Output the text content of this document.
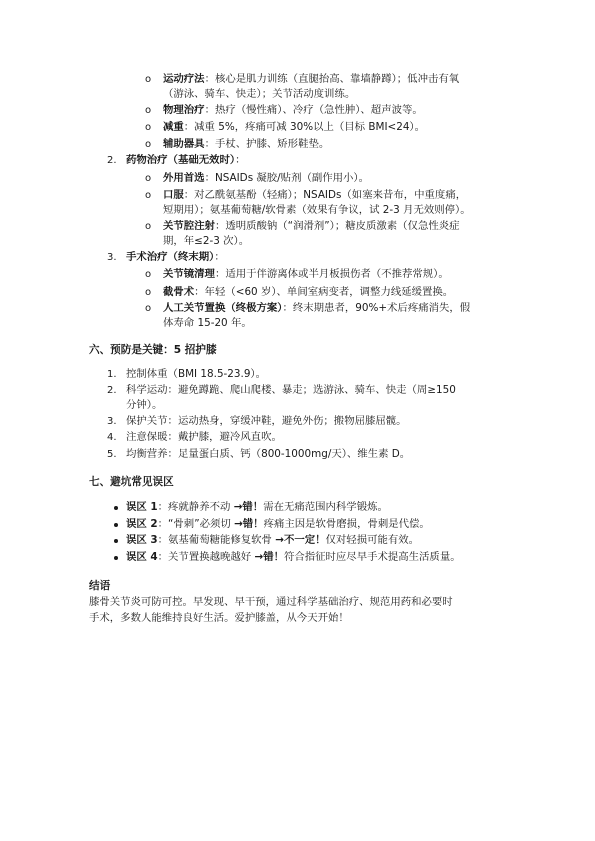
o 运动疗法：核心是肌力训练（直腿抬高、靠墙静蹲）；低冲击有氧
（游泳、骑车、快走）；关节活动度训练。
o 物理治疗：热疗（慢性痛）、冷疗（急性肿）、超声波等。
o 减重：减重 5%，疼痛可减 30%以上（目标 BMI<24）。
o 辅助器具：手杖、护膝、矫形鞋垫。
2. 药物治疗（基础无效时）：
o 外用首选：NSAIDs 凝胶/贴剂（副作用小）。
o 口服：对乙酰氨基酚（轻痛）；NSAIDs（如塞来昔布，中重度痛，
短期用）；氨基葡萄糖/软骨素（效果有争议，试 2-3 月无效则停）。
o 关节腔注射：透明质酸钠（“润滑剂”）；糖皮质激素（仅急性炎症
期，年≤2-3 次）。
3. 手术治疗（终末期）：
o 关节镜清理：适用于伴游离体或半月板损伤者（不推荐常规）。
o 截骨术：年轻（<60 岁）、单间室病变者，调整力线延缓置换。
o 人工关节置换（终极方案）：终末期患者，90%+术后疼痛消失，假
体寿命 15-20 年。
六、预防是关键：5 招护膝
1. 控制体重（BMI 18.5-23.9）。
2. 科学运动：避免蹲跪、爬山爬楼、暴走；选游泳、骑车、快走（周≥150
分钟）。
3. 保护关节：运动热身，穿缓冲鞋，避免外伤；搬物屈膝屈髋。
4. 注意保暖：戴护膝，避冷风直吹。
5. 均衡营养：足量蛋白质、钙（800-1000mg/天）、维生素 D。
七、避坑常见误区
误区 1：疼就静养不动 →错！需在无痛范围内科学锻炼。
误区 2：“骨刺”必须切 →错！疼痛主因是软骨磨损，骨刺是代偿。
误区 3：氨基葡萄糖能修复软骨 →不一定！仅对轻损可能有效。
误区 4：关节置换越晚越好 →错！符合指征时应尽早手术提高生活质量。
结语
膝骨关节炎可防可控。早发现、早干预，通过科学基础治疗、规范用药和必要时
手术，多数人能维持良好生活。爱护膝盖，从今天开始！
